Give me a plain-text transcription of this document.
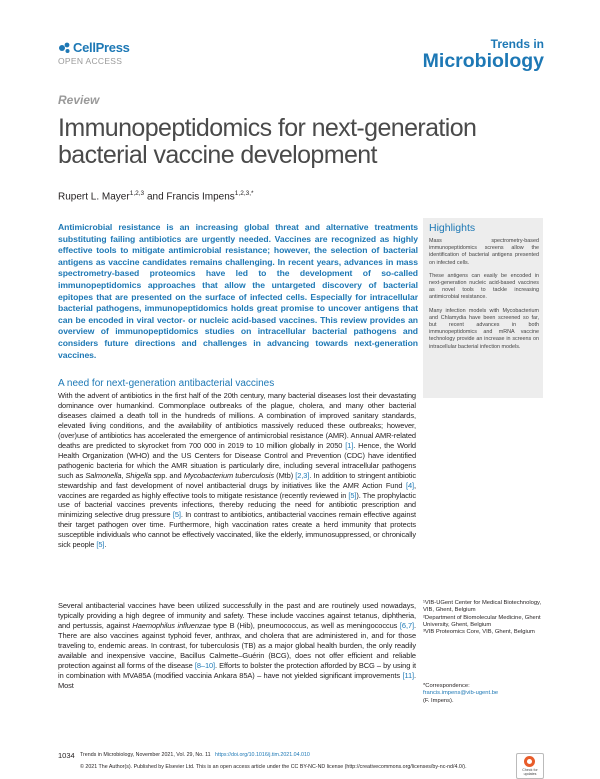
CellPress
OPEN ACCESS
Trends in
Microbiology
Review
Immunopeptidomics for next-generation bacterial vaccine development
Rupert L. Mayer$^{1,2,3}$ and Francis Impens$^{1,2,3,*}$
Antimicrobial resistance is an increasing global threat and alternative treatments substituting failing antibiotics are urgently needed. Vaccines are recognized as highly effective tools to mitigate antimicrobial resistance; however, the selection of bacterial antigens as vaccine candidates remains challenging. In recent years, advances in mass spectrometry-based proteomics have led to the development of so-called immunopeptidomics approaches that allow the untargeted discovery of bacterial epitopes that are presented on the surface of infected cells. Especially for intracellular bacterial pathogens, immunopeptidomics holds great promise to uncover antigens that can be encoded in viral vector- or nucleic acid-based vaccines. This review provides an overview of immunopeptidomics studies on intracellular bacterial pathogens and considers future directions and challenges in advancing towards next-generation vaccines.
Highlights

Mass spectrometry-based immunopeptidomics screens allow the identification of bacterial antigens presented on infected cells.

These antigens can easily be encoded in next-generation nucleic acid-based vaccines as novel tools to tackle increasing antimicrobial resistance.

Many infection models with Mycobacterium and Chlamydia have been screened so far, but recent advances in both immunopeptidomics and mRNA vaccine technology provide an increase in screens on intracellular bacterial infection models.

A need for next-generation antibacterial vaccines

With the advent of antibiotics in the first half of the 20th century, many bacterial diseases lost their devastating dominance over humankind. Commonplace outbreaks of the plague, cholera, and many other bacterial diseases claimed a death toll in the hundreds of millions. A combination of improved sanitary standards, elevated living conditions, and the availability of antibiotics massively reduced these outbreaks; however, (over)use of antibiotics has accelerated the emergence of antimicrobial resistance (AMR). Annual AMR-related deaths are predicted to skyrocket from 700 000 in 2019 to 10 million globally in 2050 [1]. Hence, the World Health Organization (WHO) and the US Centers for Disease Control and Prevention (CDC) have identified pathogenic bacteria for which the AMR situation is particularly dire, including several intracellular pathogens such as Salmonella, Shigella spp. and Mycobacterium tuberculosis (Mtb) [2,3]. In addition to stringent antibiotic stewardship and fast development of novel antibacterial drugs by initiatives like the AMR Action Fund [4], vaccines are regarded as highly effective tools to mitigate resistance (recently reviewed in [5]). The prophylactic use of bacterial vaccines prevents infections, thereby reducing the need for antibiotic prescription and minimizing selective drug pressure [5]. In contrast to antibiotics, antibacterial vaccines remain effective against their target pathogen over time. Furthermore, high vaccination rates create a herd immunity that protects susceptible individuals who cannot be effectively vaccinated, like the elderly, immunosuppressed, or chronically sick people [5].

Several antibacterial vaccines have been utilized successfully in the past and are routinely used nowadays, typically providing a high degree of immunity and safety. These include vaccines against tetanus, diphtheria, and pertussis, against Haemophilus influenzae type B (Hib), pneumococcus, as well as meningococcus [6,7]. There are also vaccines against typhoid fever, anthrax, and cholera that are administered in, and for those traveling to, endemic areas. In contrast, for tuberculosis (TB) as a major global health burden, the only readily available and inexpensive vaccine, Bacillus Calmette–Guérin (BCG), does not offer efficient and reliable protection against all forms of the disease [8–10]. Efforts to bolster the protection afforded by BCG – by using it in combination with MVA85A (modified vaccinia Ankara 85A) – have not yielded significant improvements [11]. Most

¹VIB-UGent Center for Medical Biotechnology, VIB, Ghent, Belgium

²Department of Biomolecular Medicine, Ghent University, Ghent, Belgium

³VIB Proteomics Core, VIB, Ghent, Belgium

*Correspondence:

francis.impens@vib-ugent.be

(F. Impens).

1034 Trends in Microbiology, November 2021, Vol. 29, No. 11 https://doi.org/10.1016/j.tim.2021.04.010
© 2021 The Author(s). Published by Elsevier Ltd. This is an open access article under the CC BY-NC-ND license (http://creativecommons.org/licenses/by-nc-nd/4.0/).	Check for updates
